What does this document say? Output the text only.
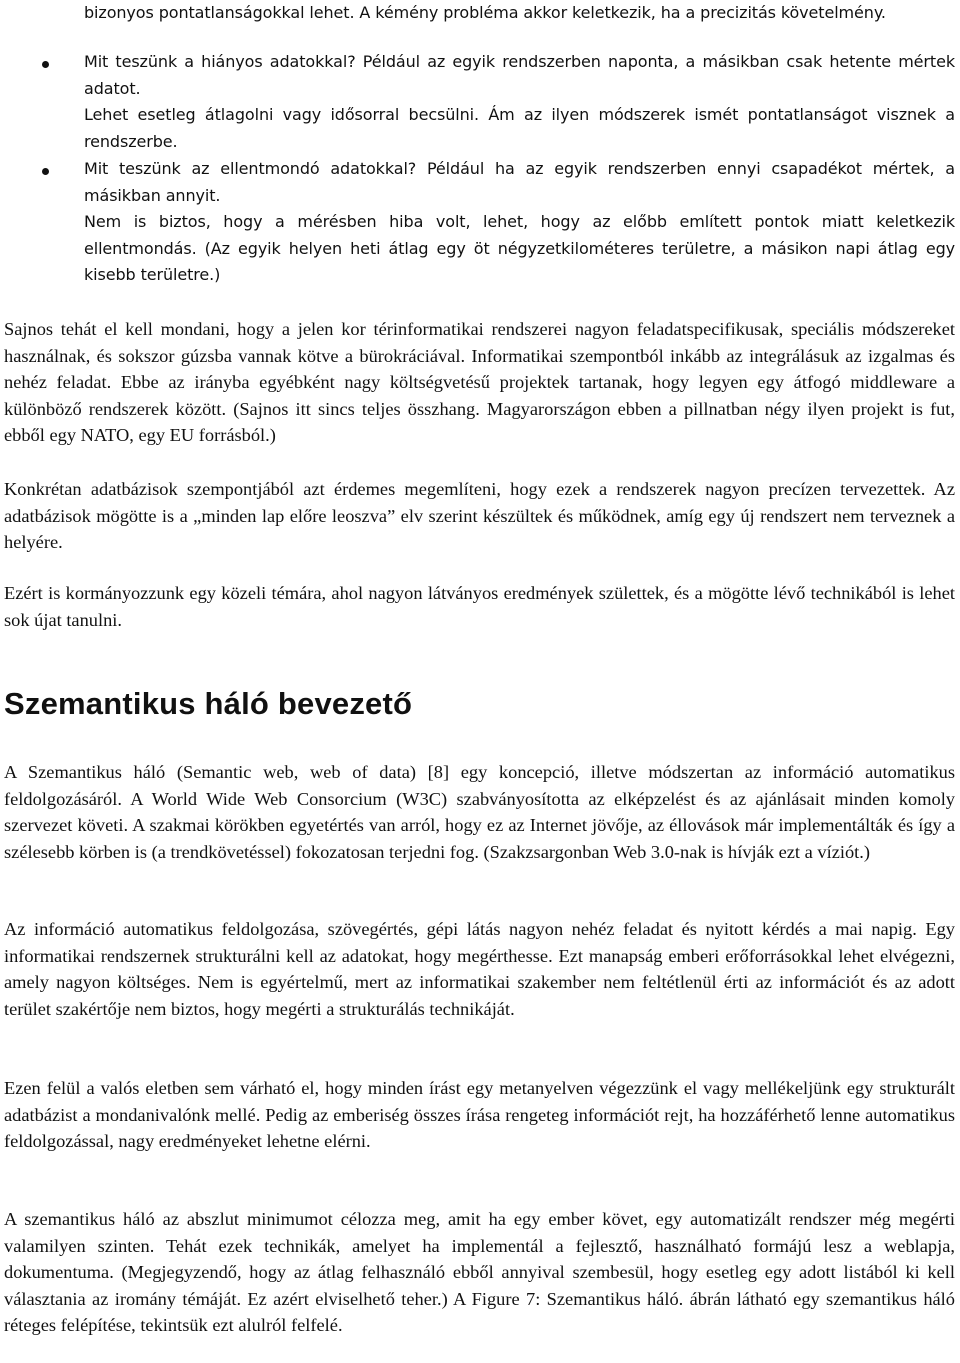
bizonyos pontatlanságokkal lehet. A kémény probléma akkor keletkezik, ha a precizitás követelmény.

Mit teszünk a hiányos adatokkal? Például az egyik rendszerben naponta, a másikban csak hetente mértek adatot.

Lehet esetleg átlagolni vagy idősorral becsülni. Ám az ilyen módszerek ismét pontatlanságot visznek a rendszerbe.

Mit teszünk az ellentmondó adatokkal? Például ha az egyik rendszerben ennyi csapadékot mértek, a másikban annyit.

Nem is biztos, hogy a mérésben hiba volt, lehet, hogy az előbb említett pontok miatt keletkezik ellentmondás. (Az egyik helyen heti átlag egy öt négyzetkilométeres területre, a másikon napi átlag egy kisebb területre.)

Sajnos tehát el kell mondani, hogy a jelen kor térinformatikai rendszerei nagyon feladatspecifikusak, speciális módszereket használnak, és sokszor gúzsba vannak kötve a bürokráciával. Informatikai szempontból inkább az integrálásuk az izgalmas és nehéz feladat. Ebbe az irányba egyébként nagy költségvetésű projektek tartanak, hogy legyen egy átfogó middleware a különböző rendszerek között. (Sajnos itt sincs teljes összhang. Magyarországon ebben a pillnatban négy ilyen projekt is fut, ebből egy NATO, egy EU forrásból.)

Konkrétan adatbázisok szempontjából azt érdemes megemlíteni, hogy ezek a rendszerek nagyon precízen tervezettek. Az adatbázisok mögötte is a „minden lap előre leoszva” elv szerint készültek és működnek, amíg egy új rendszert nem terveznek a helyére.

Ezért is kormányozzunk egy közeli témára, ahol nagyon látványos eredmények születtek, és a mögötte lévő technikából is lehet sok újat tanulni.

Szemantikus háló bevezető

A Szemantikus háló (Semantic web, web of data) [8] egy koncepció, illetve módszertan az információ automatikus feldolgozásáról. A World Wide Web Consorcium (W3C) szabványosította az elképzelést és az ajánlásait minden komoly szervezet követi. A szakmai körökben egyetértés van arról, hogy ez az Internet jövője, az éllovások már implementálták és így a szélesebb körben is (a trendkövetéssel) fokozatosan terjedni fog. (Szakzsargonban Web 3.0-nak is hívják ezt a víziót.)

Az információ automatikus feldolgozása, szövegértés, gépi látás nagyon nehéz feladat és nyitott kérdés a mai napig. Egy informatikai rendszernek strukturálni kell az adatokat, hogy megérthesse. Ezt manapság emberi erőforrásokkal lehet elvégezni, amely nagyon költséges. Nem is egyértelmű, mert az informatikai szakember nem feltétlenül érti az információt és az adott terület szakértője nem biztos, hogy megérti a strukturálás technikáját.

Ezen felül a valós eletben sem várható el, hogy minden írást egy metanyelven végezzünk el vagy mellékeljünk egy strukturált adatbázist a mondanivalónk mellé. Pedig az emberiség összes írása rengeteg információt rejt, ha hozzáférhető lenne automatikus feldolgozással, nagy eredményeket lehetne elérni.

A szemantikus háló az abszlut minimumot célozza meg, amit ha egy ember követ, egy automatizált rendszer még megérti valamilyen szinten. Tehát ezek technikák, amelyet ha implementál a fejlesztő, használható formájú lesz a weblapja, dokumentuma. (Megjegyzendő, hogy az átlag felhasználó ebből annyival szembesül, hogy esetleg egy adott listából ki kell választania az iromány témáját. Ez azért elviselhető teher.) A Figure 7: Szemantikus háló. ábrán látható egy szemantikus háló réteges felépítése, tekintsük ezt alulról felfelé.
